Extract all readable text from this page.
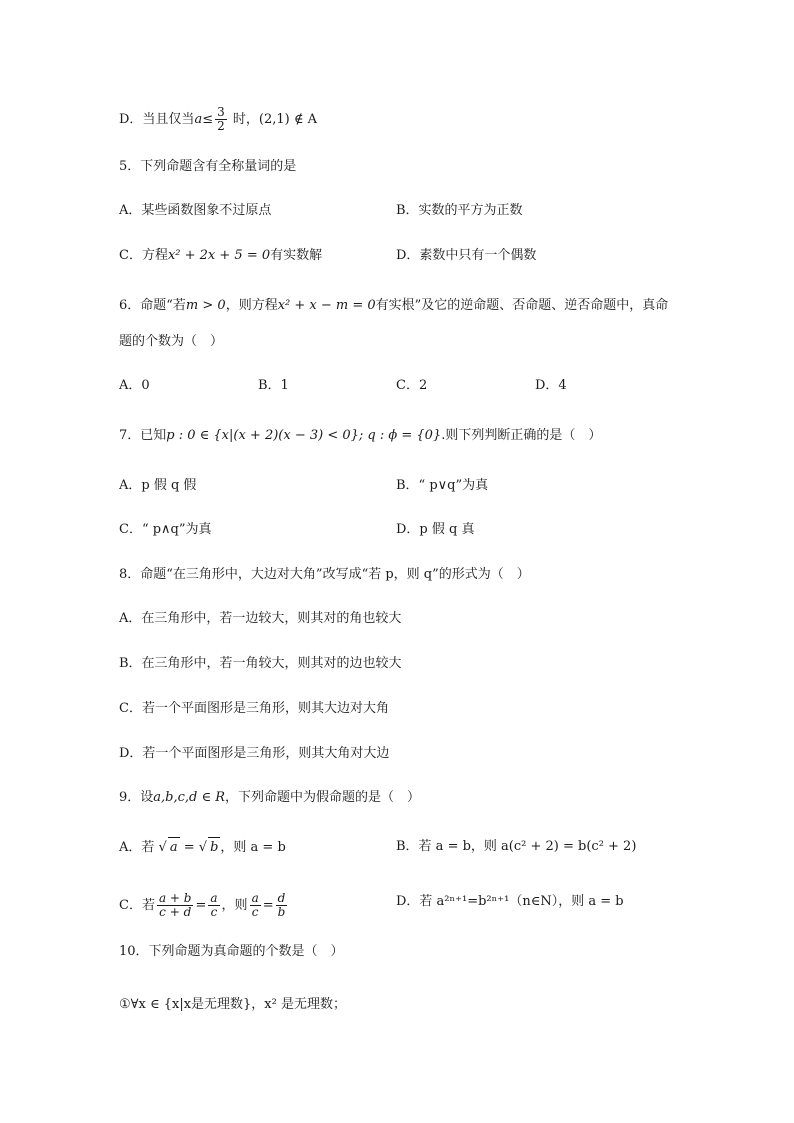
D．当且仅当$a\le \frac{3}{2}$ 时，(2,1) ∉ A
5．下列命题含有全称量词的是
A．某些函数图象不过原点	B．实数的平方为正数
C．方程x² + 2x + 5 = 0有实数解	D．素数中只有一个偶数
6．命题“若m > 0，则方程x² + x − m = 0有实根”及它的逆命题、否命题、逆否命题中，真命
题的个数为（　）
A．0	B．1	C．2	D．4
7．已知p : 0 ∈ {x|(x + 2)(x − 3) < 0}; q : ϕ = {0}.则下列判断正确的是（　）
A．p 假 q 假	B．“ p∨q”为真
C．“ p∧q”为真	D．p 假 q 真
8．命题“在三角形中，大边对大角”改写成“若 p，则 q”的形式为（　）
A．在三角形中，若一边较大，则其对的角也较大
B．在三角形中，若一角较大，则其对的边也较大
C．若一个平面图形是三角形，则其大边对大角
D．若一个平面图形是三角形，则其大角对大边
9．设a,b,c,d ∈ R，下列命题中为假命题的是（　）
A．若 √ a = √ b ，则 a = b	B．若 a = b，则 a(c² + 2) = b(c² + 2)
C．若 $\frac{a + b}{c + d} = \frac{a}{c}$ ，则 $\frac{a}{c} = \frac{d}{b}$	D．若 a²ⁿ⁺¹=b²ⁿ⁺¹（n∈N），则 a = b
10．下列命题为真命题的个数是（　）
①∀x ∈ {x|x是无理数}，x² 是无理数；
